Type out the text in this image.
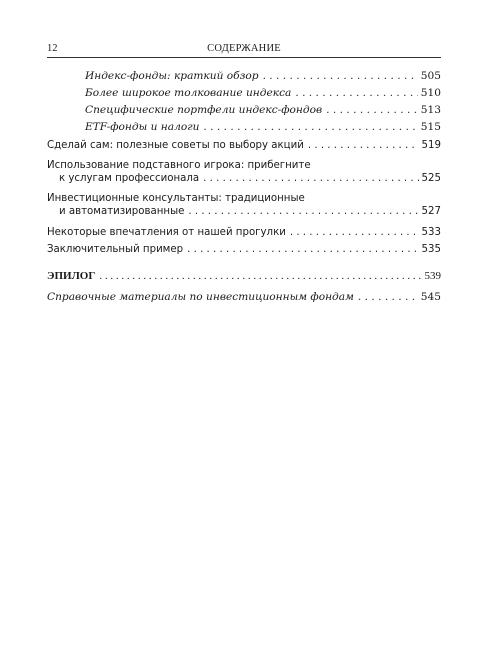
12	СОДЕРЖАНИЕ
Индекс-фонды: краткий обзор . . .	505
Более широкое толкование индекса . . .	510
Специфические портфели индекс-фондов . . .	513
ETF-фонды и налоги . . .	515
Сделай сам: полезные советы по выбору акций . . .	519
Использование подставного игрока: прибегните
к услугам профессионала . . .	525
Инвестиционные консультанты: традиционные
и автоматизированные . . .	527
Некоторые впечатления от нашей прогулки . . .	533
Заключительный пример . . .	535
ЭПИЛОГ . . .	539
Справочные материалы по инвестиционным фондам . . .	545
